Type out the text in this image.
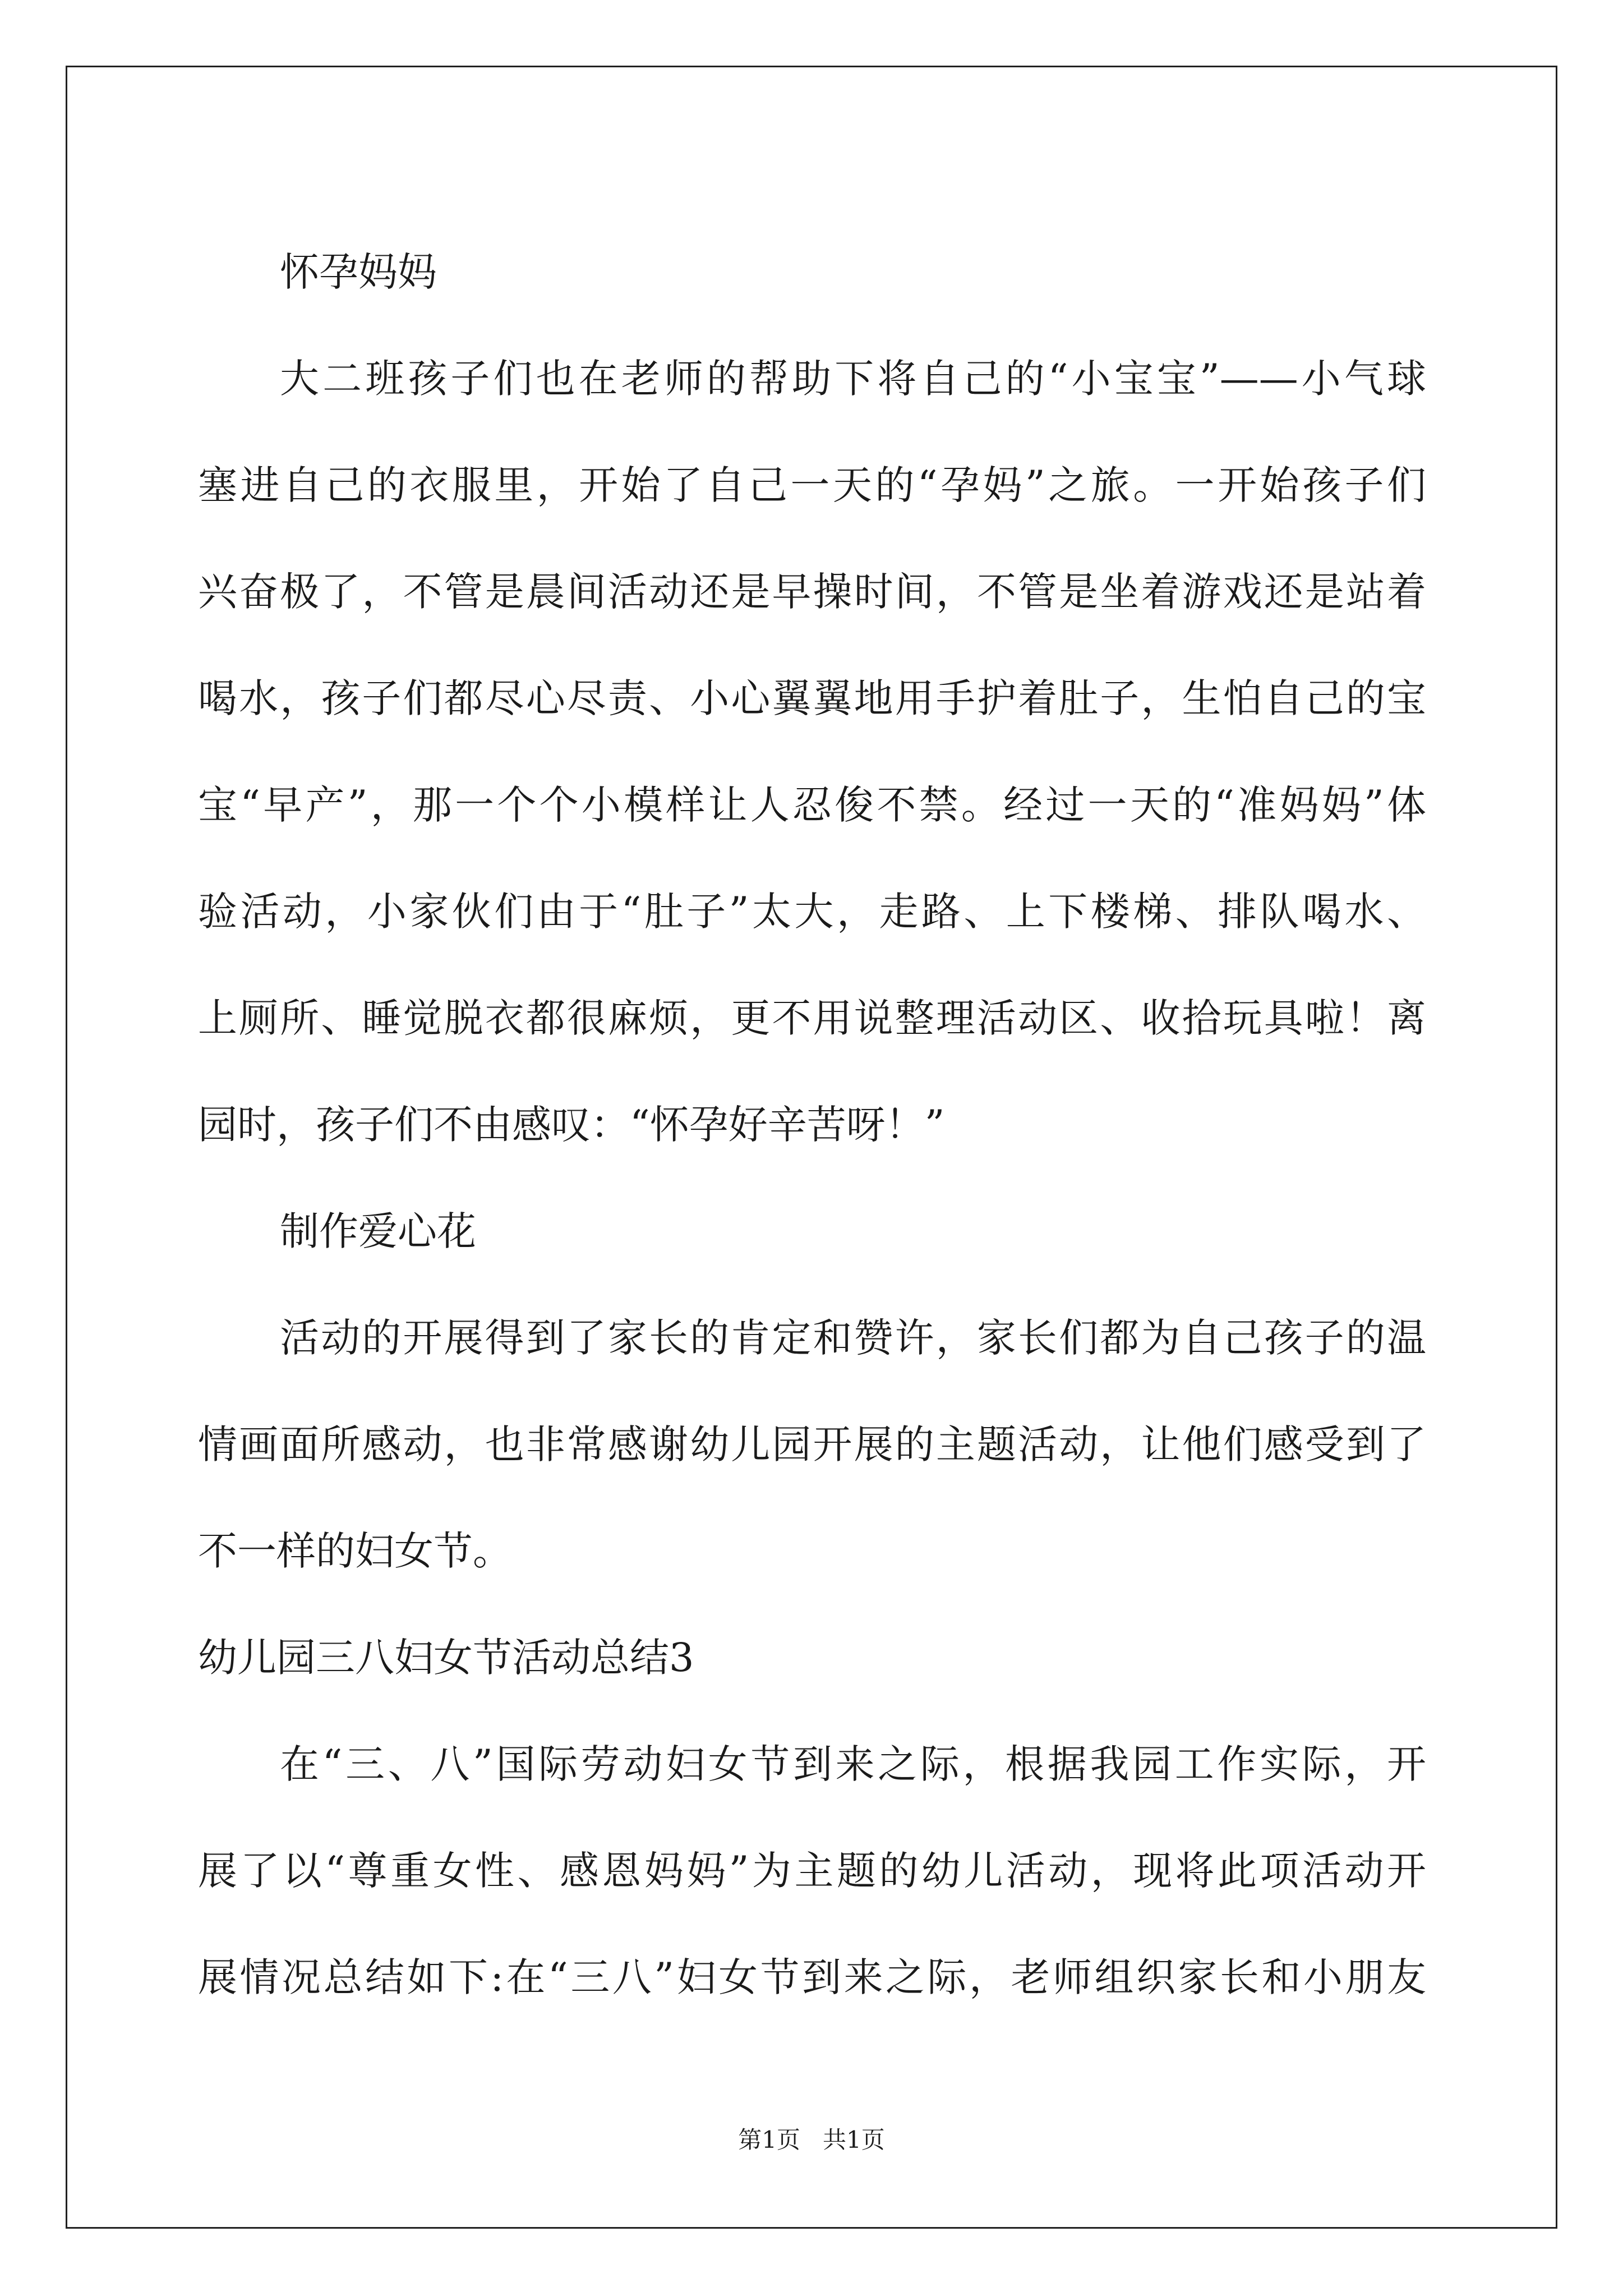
怀孕妈妈
大二班孩子们也在老师的帮助下将自己的“小宝宝”——小气球
塞进自己的衣服里，开始了自己一天的“孕妈”之旅。一开始孩子们
兴奋极了，不管是晨间活动还是早操时间，不管是坐着游戏还是站着
喝水，孩子们都尽心尽责、小心翼翼地用手护着肚子，生怕自己的宝
宝“早产”，那一个个小模样让人忍俊不禁。经过一天的“准妈妈”体
验活动，小家伙们由于“肚子”太大，走路、上下楼梯、排队喝水、
上厕所、睡觉脱衣都很麻烦，更不用说整理活动区、收拾玩具啦！离
园时，孩子们不由感叹：“怀孕好辛苦呀！”
制作爱心花
活动的开展得到了家长的肯定和赞许，家长们都为自己孩子的温
情画面所感动，也非常感谢幼儿园开展的主题活动，让他们感受到了
不一样的妇女节。
幼儿园三八妇女节活动总结3
在“三、八”国际劳动妇女节到来之际，根据我园工作实际，开
展了以“尊重女性、感恩妈妈”为主题的幼儿活动，现将此项活动开
展情况总结如下:在“三八”妇女节到来之际，老师组织家长和小朋友
第1页 共1页
